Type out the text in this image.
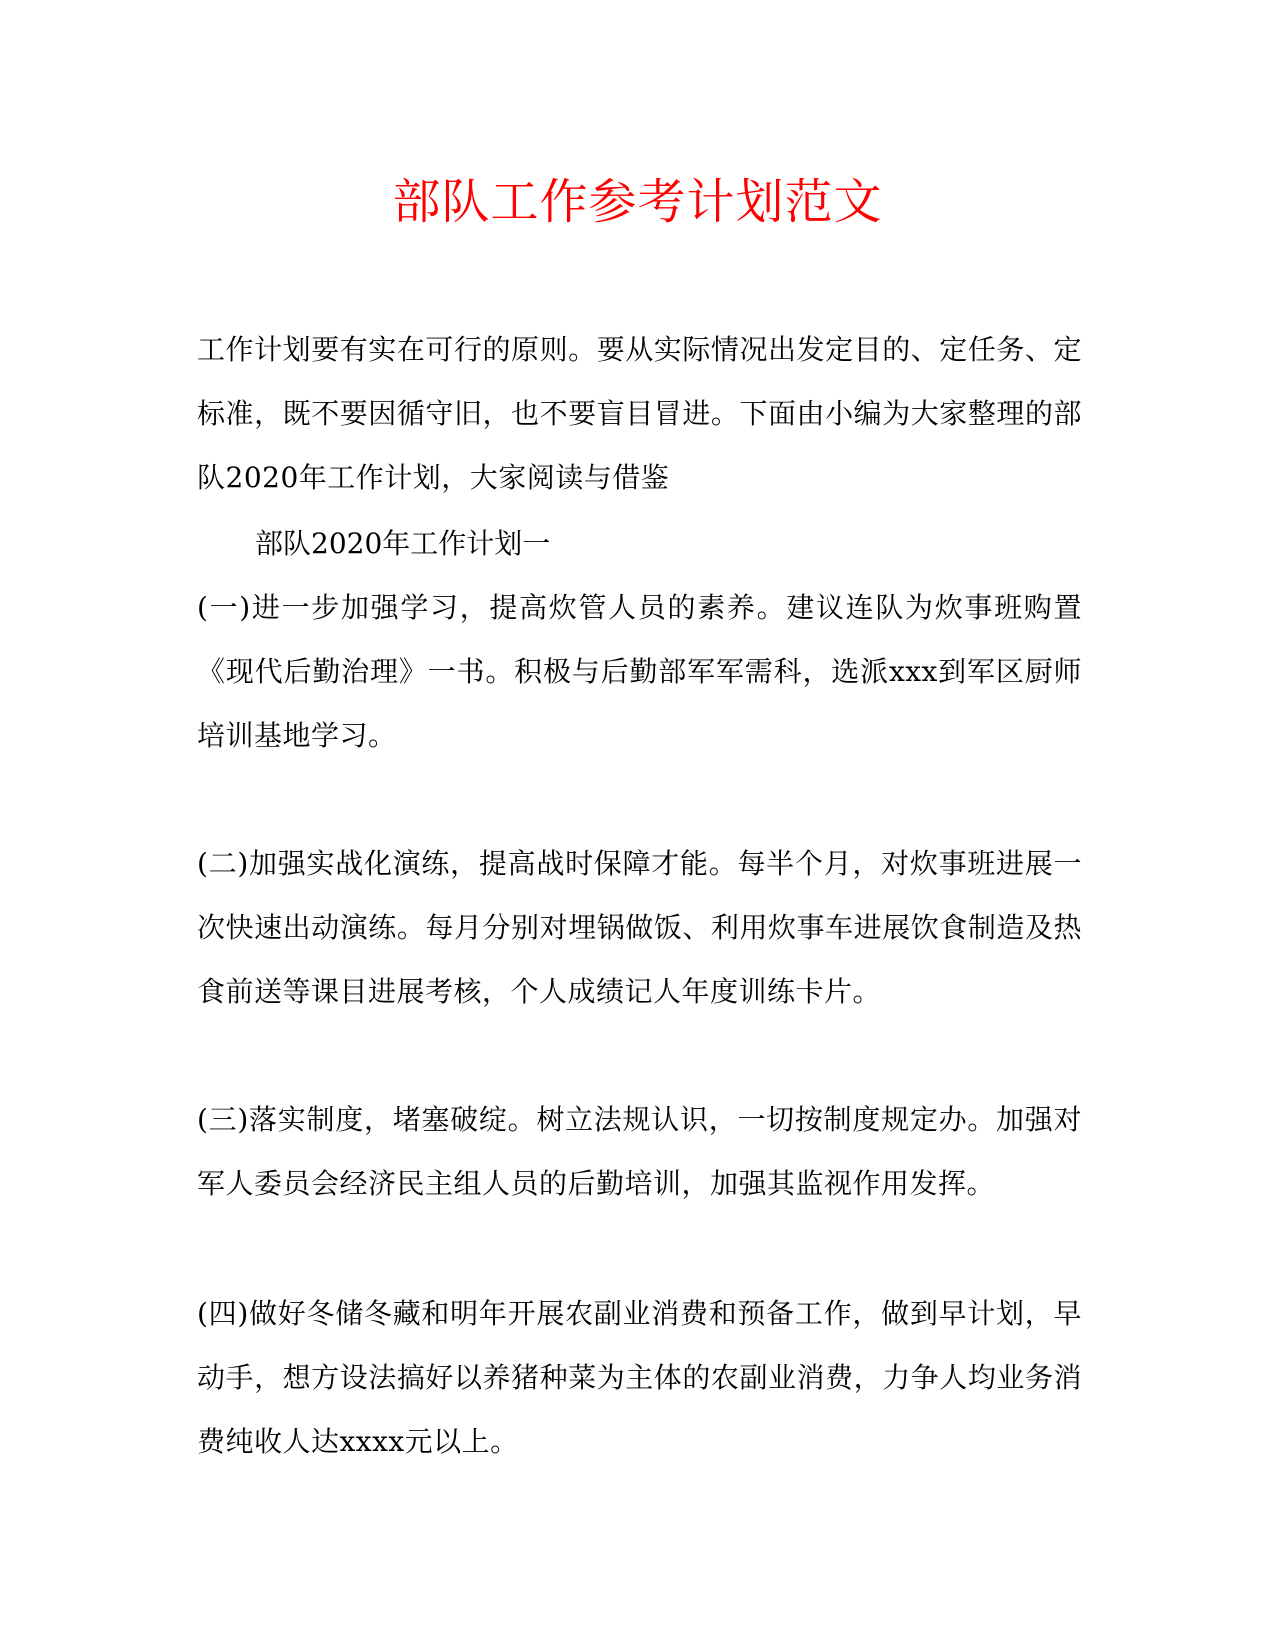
部队工作参考计划范文
工作计划要有实在可行的原则。要从实际情况出发定目的、定任务、定标准，既不要因循守旧，也不要盲目冒进。下面由小编为大家整理的部队2020年工作计划，大家阅读与借鉴
部队2020年工作计划一
(一)进一步加强学习，提高炊管人员的素养。建议连队为炊事班购置《现代后勤治理》一书。积极与后勤部军军需科，选派xxx到军区厨师培训基地学习。
(二)加强实战化演练，提高战时保障才能。每半个月，对炊事班进展一次快速出动演练。每月分别对埋锅做饭、利用炊事车进展饮食制造及热食前送等课目进展考核，个人成绩记人年度训练卡片。
(三)落实制度，堵塞破绽。树立法规认识，一切按制度规定办。加强对军人委员会经济民主组人员的后勤培训，加强其监视作用发挥。
(四)做好冬储冬藏和明年开展农副业消费和预备工作，做到早计划，早动手，想方设法搞好以养猪种菜为主体的农副业消费，力争人均业务消费纯收人达xxxx元以上。
